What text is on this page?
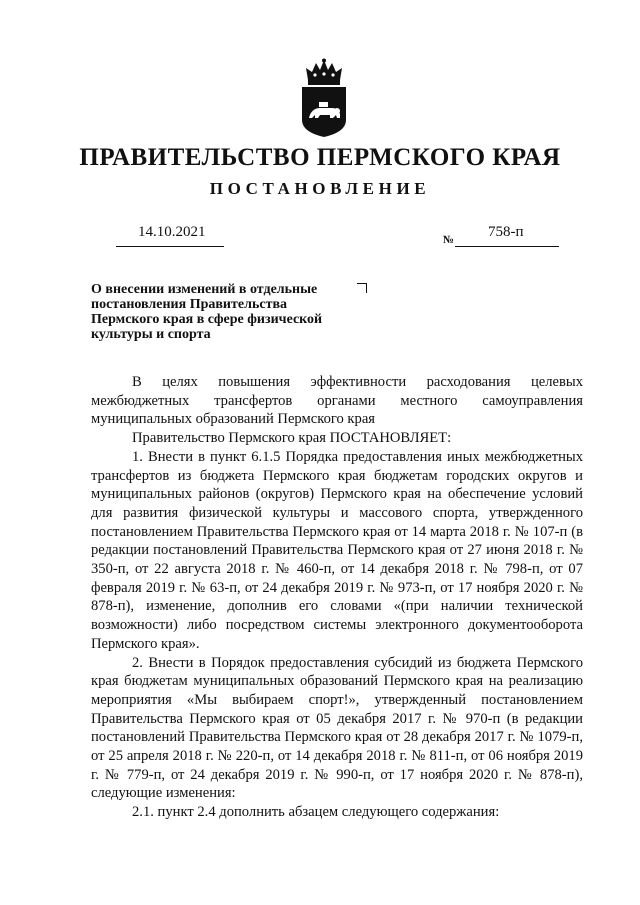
ПРАВИТЕЛЬСТВО ПЕРМСКОГО КРАЯ
ПОСТАНОВЛЕНИЕ
14.10.2021	№ 758-п
О внесении изменений в отдельные постановления Правительства Пермского края в сфере физической культуры и спорта

В целях повышения эффективности расходования целевых межбюджетных трансфертов органами местного самоуправления муниципальных образований Пермского края

Правительство Пермского края ПОСТАНОВЛЯЕТ:

1. Внести в пункт 6.1.5 Порядка предоставления иных межбюджетных трансфертов из бюджета Пермского края бюджетам городских округов и муниципальных районов (округов) Пермского края на обеспечение условий для развития физической культуры и массового спорта, утвержденного постановлением Правительства Пермского края от 14 марта 2018 г. № 107-п (в редакции постановлений Правительства Пермского края от 27 июня 2018 г. № 350-п, от 22 августа 2018 г. № 460-п, от 14 декабря 2018 г. № 798-п, от 07 февраля 2019 г. № 63-п, от 24 декабря 2019 г. № 973-п, от 17 ноября 2020 г. № 878-п), изменение, дополнив его словами «(при наличии технической возможности) либо посредством системы электронного документооборота Пермского края».

2. Внести в Порядок предоставления субсидий из бюджета Пермского края бюджетам муниципальных образований Пермского края на реализацию мероприятия «Мы выбираем спорт!», утвержденный постановлением Правительства Пермского края от 05 декабря 2017 г. № 970-п (в редакции постановлений Правительства Пермского края от 28 декабря 2017 г. № 1079-п, от 25 апреля 2018 г. № 220-п, от 14 декабря 2018 г. № 811-п, от 06 ноября 2019 г. № 779-п, от 24 декабря 2019 г. № 990-п, от 17 ноября 2020 г. № 878-п), следующие изменения:

2.1. пункт 2.4 дополнить абзацем следующего содержания:
